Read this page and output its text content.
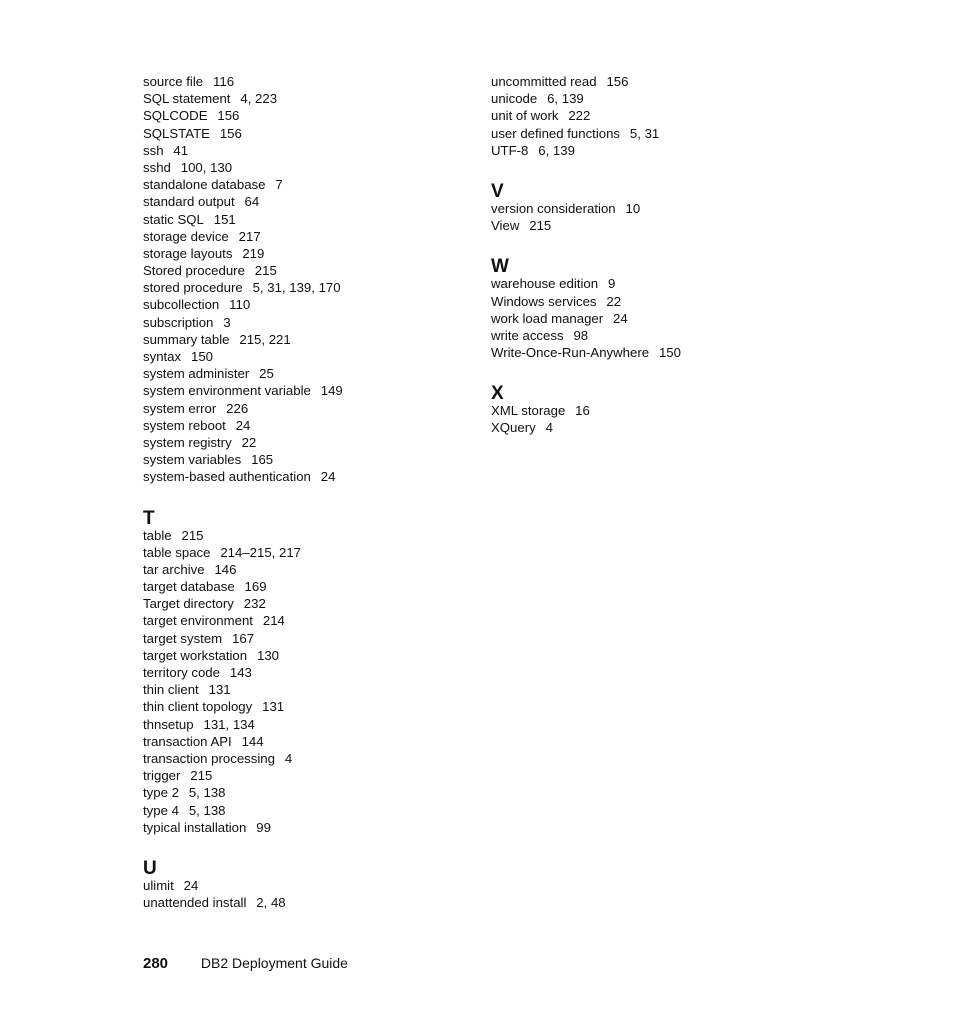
source file 116
SQL statement 4, 223
SQLCODE 156
SQLSTATE 156
ssh 41
sshd 100, 130
standalone database 7
standard output 64
static SQL 151
storage device 217
storage layouts 219
Stored procedure 215
stored procedure 5, 31, 139, 170
subcollection 110
subscription 3
summary table 215, 221
syntax 150
system administer 25
system environment variable 149
system error 226
system reboot 24
system registry 22
system variables 165
system-based authentication 24
T
table 215
table space 214–215, 217
tar archive 146
target database 169
Target directory 232
target environment 214
target system 167
target workstation 130
territory code 143
thin client 131
thin client topology 131
thnsetup 131, 134
transaction API 144
transaction processing 4
trigger 215
type 2 5, 138
type 4 5, 138
typical installation 99
U
ulimit 24
unattended install 2, 48
uncommitted read 156
unicode 6, 139
unit of work 222
user defined functions 5, 31
UTF-8 6, 139
V
version consideration 10
View 215
W
warehouse edition 9
Windows services 22
work load manager 24
write access 98
Write-Once-Run-Anywhere 150
X
XML storage 16
XQuery 4
280 DB2 Deployment Guide
